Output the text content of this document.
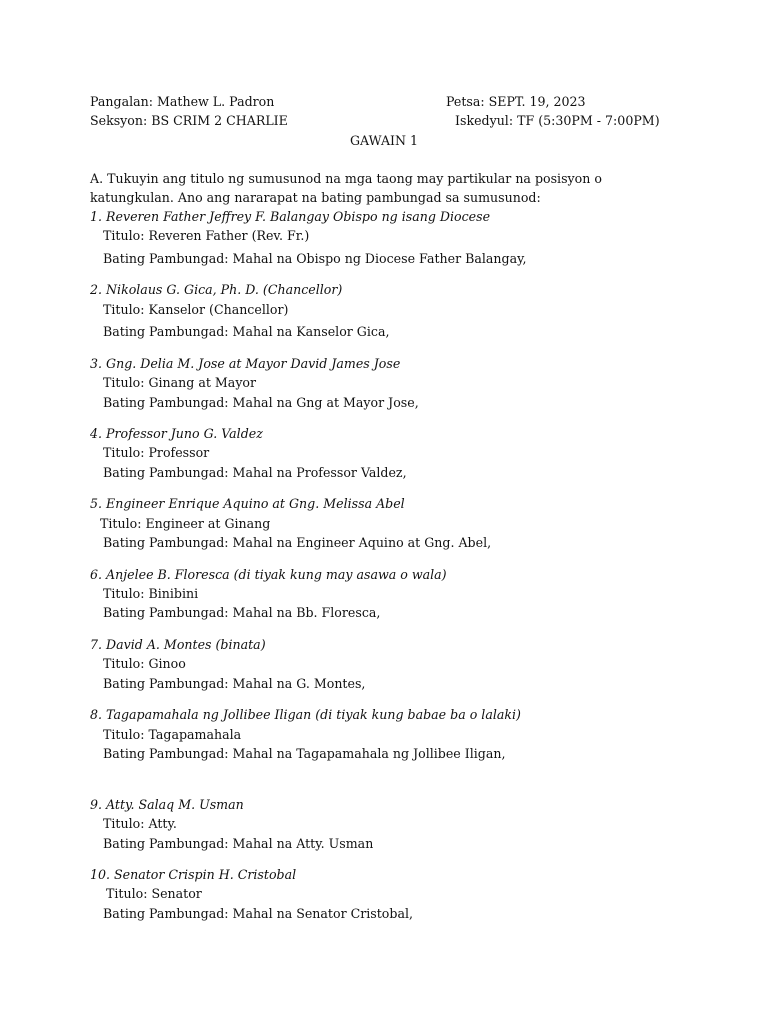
Pangalan: Mathew L. Padron	Petsa: SEPT. 19, 2023
Seksyon: BS CRIM 2 CHARLIE	Iskedyul: TF (5:30PM - 7:00PM)
GAWAIN 1
A. Tukuyin ang titulo ng sumusunod na mga taong may partikular na posisyon o katungkulan. Ano ang nararapat na bating pambungad sa sumusunod:
1. Reveren Father Jeffrey F. Balangay Obispo ng isang Diocese
Titulo: Reveren Father (Rev. Fr.)
Bating Pambungad: Mahal na Obispo ng Diocese Father Balangay,
2. Nikolaus G. Gica, Ph. D. (Chancellor)
Titulo: Kanselor (Chancellor)
Bating Pambungad: Mahal na Kanselor Gica,
3. Gng. Delia M. Jose at Mayor David James Jose
Titulo: Ginang at Mayor
Bating Pambungad: Mahal na Gng at Mayor Jose,
4. Professor Juno G. Valdez
Titulo: Professor
Bating Pambungad: Mahal na Professor Valdez,
5. Engineer Enrique Aquino at Gng. Melissa Abel
Titulo: Engineer at Ginang
Bating Pambungad: Mahal na Engineer Aquino at Gng. Abel,
6. Anjelee B. Floresca (di tiyak kung may asawa o wala)
Titulo: Binibini
Bating Pambungad: Mahal na Bb. Floresca,
7. David A. Montes (binata)
Titulo: Ginoo
Bating Pambungad: Mahal na G. Montes,
8. Tagapamahala ng Jollibee Iligan (di tiyak kung babae ba o lalaki)
Titulo: Tagapamahala
Bating Pambungad: Mahal na Tagapamahala ng Jollibee Iligan,
9. Atty. Salaq M. Usman
Titulo: Atty.
Bating Pambungad: Mahal na Atty. Usman
10. Senator Crispin H. Cristobal
Titulo: Senator
Bating Pambungad: Mahal na Senator Cristobal,
